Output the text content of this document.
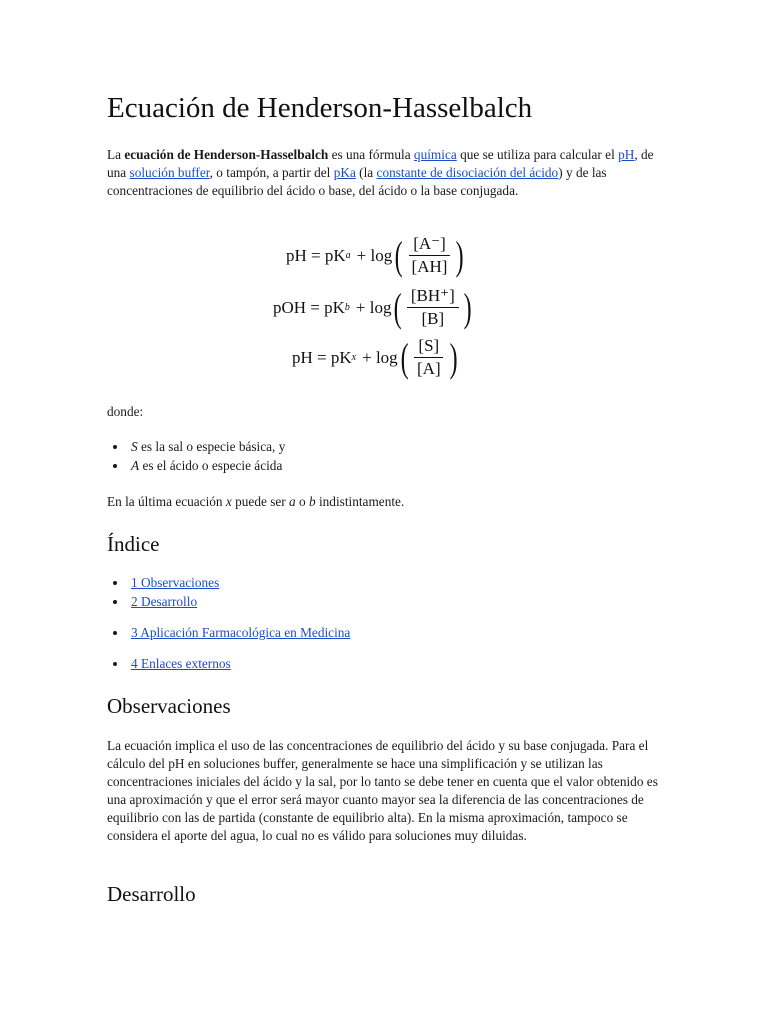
Ecuación de Henderson-Hasselbalch

La ecuación de Henderson-Hasselbalch es una fórmula química que se utiliza para calcular el pH, de una solución buffer, o tampón, a partir del pKa (la constante de disociación del ácido) y de las concentraciones de equilibrio del ácido o base, del ácido o la base conjugada.

pH = pK a + log ( $\frac{[A^-]}{[AH]}$ )
pOH = pK b + log ( $\frac{[BH^+]}{[B]}$ )
pH = pK x + log ( $\frac{[S]}{[A]}$ )

donde:

S es la sal o especie básica, y
A es el ácido o especie ácida

En la última ecuación x puede ser a o b indistintamente.

Índice
1 Observaciones
2 Desarrollo
3 Aplicación Farmacológica en Medicina
4 Enlaces externos
Observaciones

La ecuación implica el uso de las concentraciones de equilibrio del ácido y su base conjugada. Para el cálculo del pH en soluciones buffer, generalmente se hace una simplificación y se utilizan las concentraciones iniciales del ácido y la sal, por lo tanto se debe tener en cuenta que el valor obtenido es una aproximación y que el error será mayor cuanto mayor sea la diferencia de las concentraciones de equilibrio con las de partida (constante de equilibrio alta). En la misma aproximación, tampoco se considera el aporte del agua, lo cual no es válido para soluciones muy diluidas.

Desarrollo
